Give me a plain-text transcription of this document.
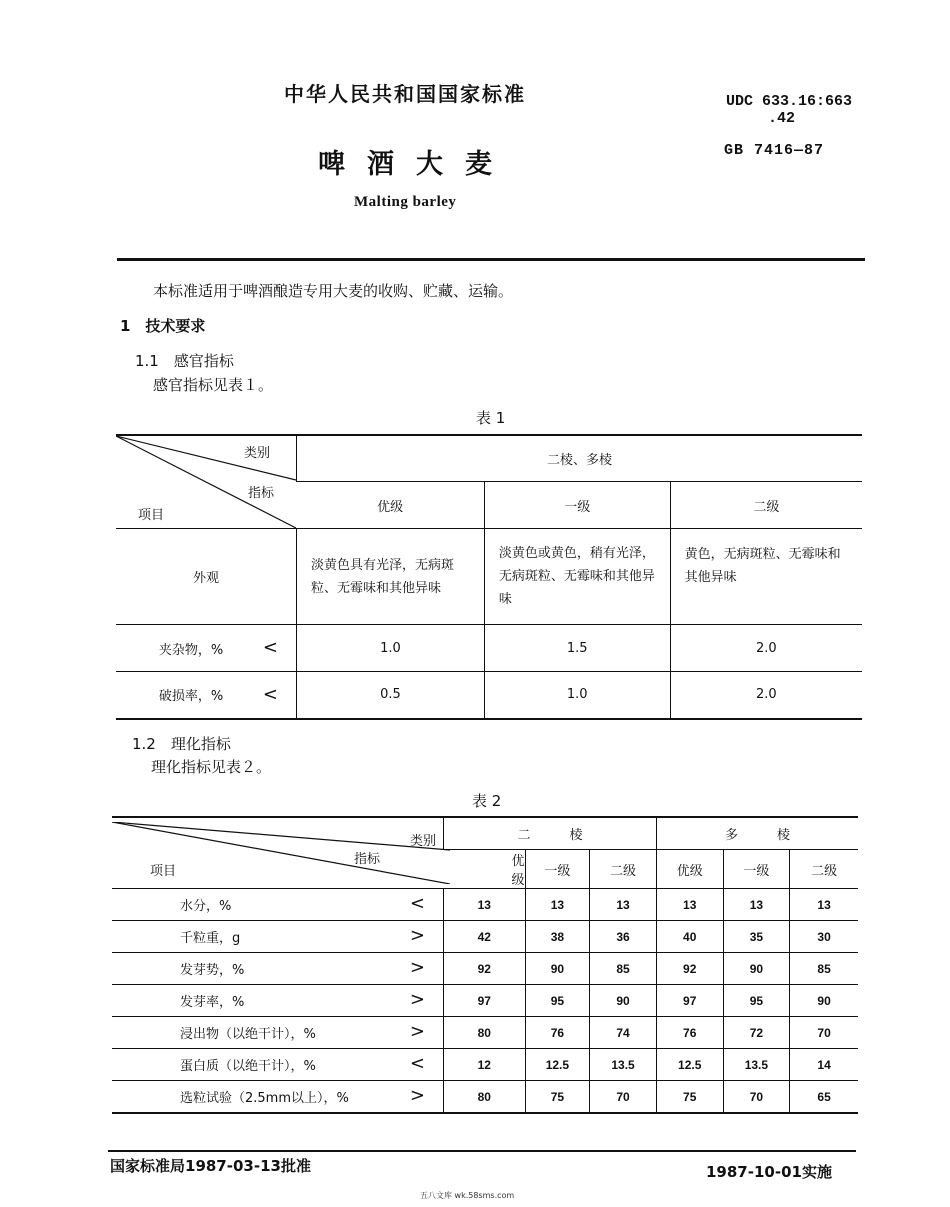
中华人民共和国国家标准	UDC 633.16:663
.42
啤酒大麦	GB 7416—87
Malting barley
本标准适用于啤酒酿造专用大麦的收购、贮藏、运输。
1　技术要求
1.1　感官指标
感官指标见表１。
表 1
类别
指标
项目	二棱、多棱		
	优级	一级	二级
外观	淡黄色具有光泽，无病斑粒、无霉味和其他异味	淡黄色或黄色，稍有光泽，无病斑粒、无霉味和其他异味	黄色，无病斑粒、无霉味和其他异味
夹杂物，% <	1.0	1.5	2.0
破损率，% <	0.5	1.0	2.0
1.2　理化指标
理化指标见表２。
表 2
类别
指标
项目	二　　　棱			多　　　棱		
	优级	一级	二级	优级	一级	二级
水分，% <	13	13	13	13	13	13
千粒重，g >	42	38	36	40	35	30
发芽势，% >	92	90	85	92	90	85
发芽率，% >	97	95	90	97	95	90
浸出物（以绝干计），% >	80	76	74	76	72	70
蛋白质（以绝干计），% <	12	12.5	13.5	12.5	13.5	14
选粒试验（2.5mm以上），% >	80	75	70	75	70	65
国家标准局1987-03-13批准	1987-10-01实施
五八文库 wk.58sms.com
